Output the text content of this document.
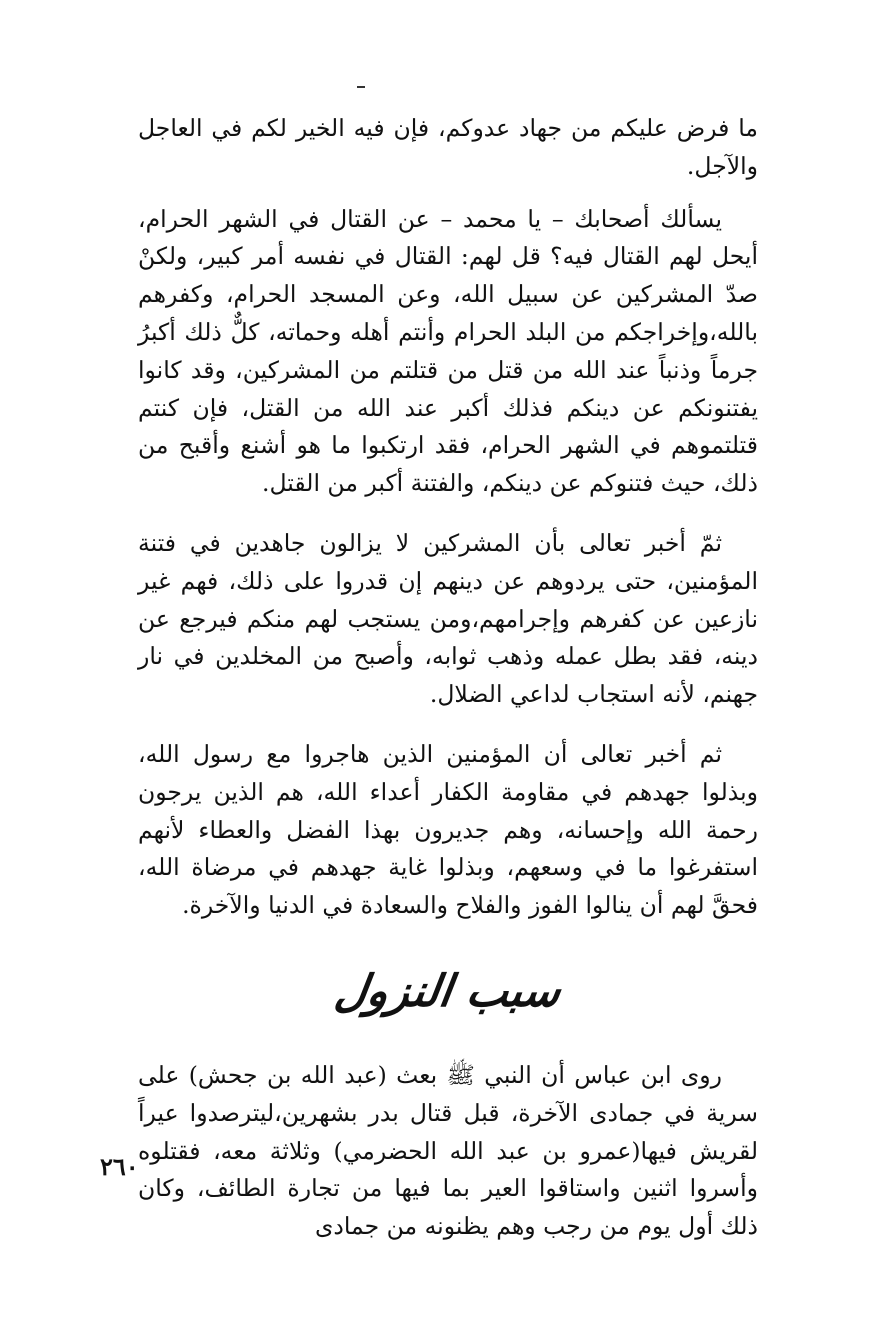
ما فرض عليكم من جهاد عدوكم، فإن فيه الخير لكم في العاجل والآجل.

يسألك أصحابك – يا محمد – عن القتال في الشهر الحرام، أيحل لهم القتال فيه؟ قل لهم: القتال في نفسه أمر كبير، ولكنْ صدّ المشركين عن سبيل الله، وعن المسجد الحرام، وكفرهم بالله،وإخراجكم من البلد الحرام وأنتم أهله وحماته، كلٌّ ذلك أكبرُ جرماً وذنباً عند الله من قتل من قتلتم من المشركين، وقد كانوا يفتنونكم عن دينكم فذلك أكبر عند الله من القتل، فإن كنتم قتلتموهم في الشهر الحرام، فقد ارتكبوا ما هو أشنع وأقبح من ذلك، حيث فتنوكم عن دينكم، والفتنة أكبر من القتل.

ثمّ أخبر تعالى بأن المشركين لا يزالون جاهدين في فتنة المؤمنين، حتى يردوهم عن دينهم إن قدروا على ذلك، فهم غير نازعين عن كفرهم وإجرامهم،ومن يستجب لهم منكم فيرجع عن دينه، فقد بطل عمله وذهب ثوابه، وأصبح من المخلدين في نار جهنم، لأنه استجاب لداعي الضلال.

ثم أخبر تعالى أن المؤمنين الذين هاجروا مع رسول الله، وبذلوا جهدهم في مقاومة الكفار أعداء الله، هم الذين يرجون رحمة الله وإحسانه، وهم جديرون بهذا الفضل والعطاء لأنهم استفرغوا ما في وسعهم، وبذلوا غاية جهدهم في مرضاة الله، فحقَّ لهم أن ينالوا الفوز والفلاح والسعادة في الدنيا والآخرة.

سبب النزول

روى ابن عباس أن النبي ﷺ بعث (عبد الله بن جحش) على سرية في جمادى الآخرة، قبل قتال بدر بشهرين،ليترصدوا عيراً لقريش فيها(عمرو بن عبد الله الحضرمي) وثلاثة معه، فقتلوه وأسروا اثنين واستاقوا العير بما فيها من تجارة الطائف، وكان ذلك أول يوم من رجب وهم يظنونه من جمادى

٢٦٠
